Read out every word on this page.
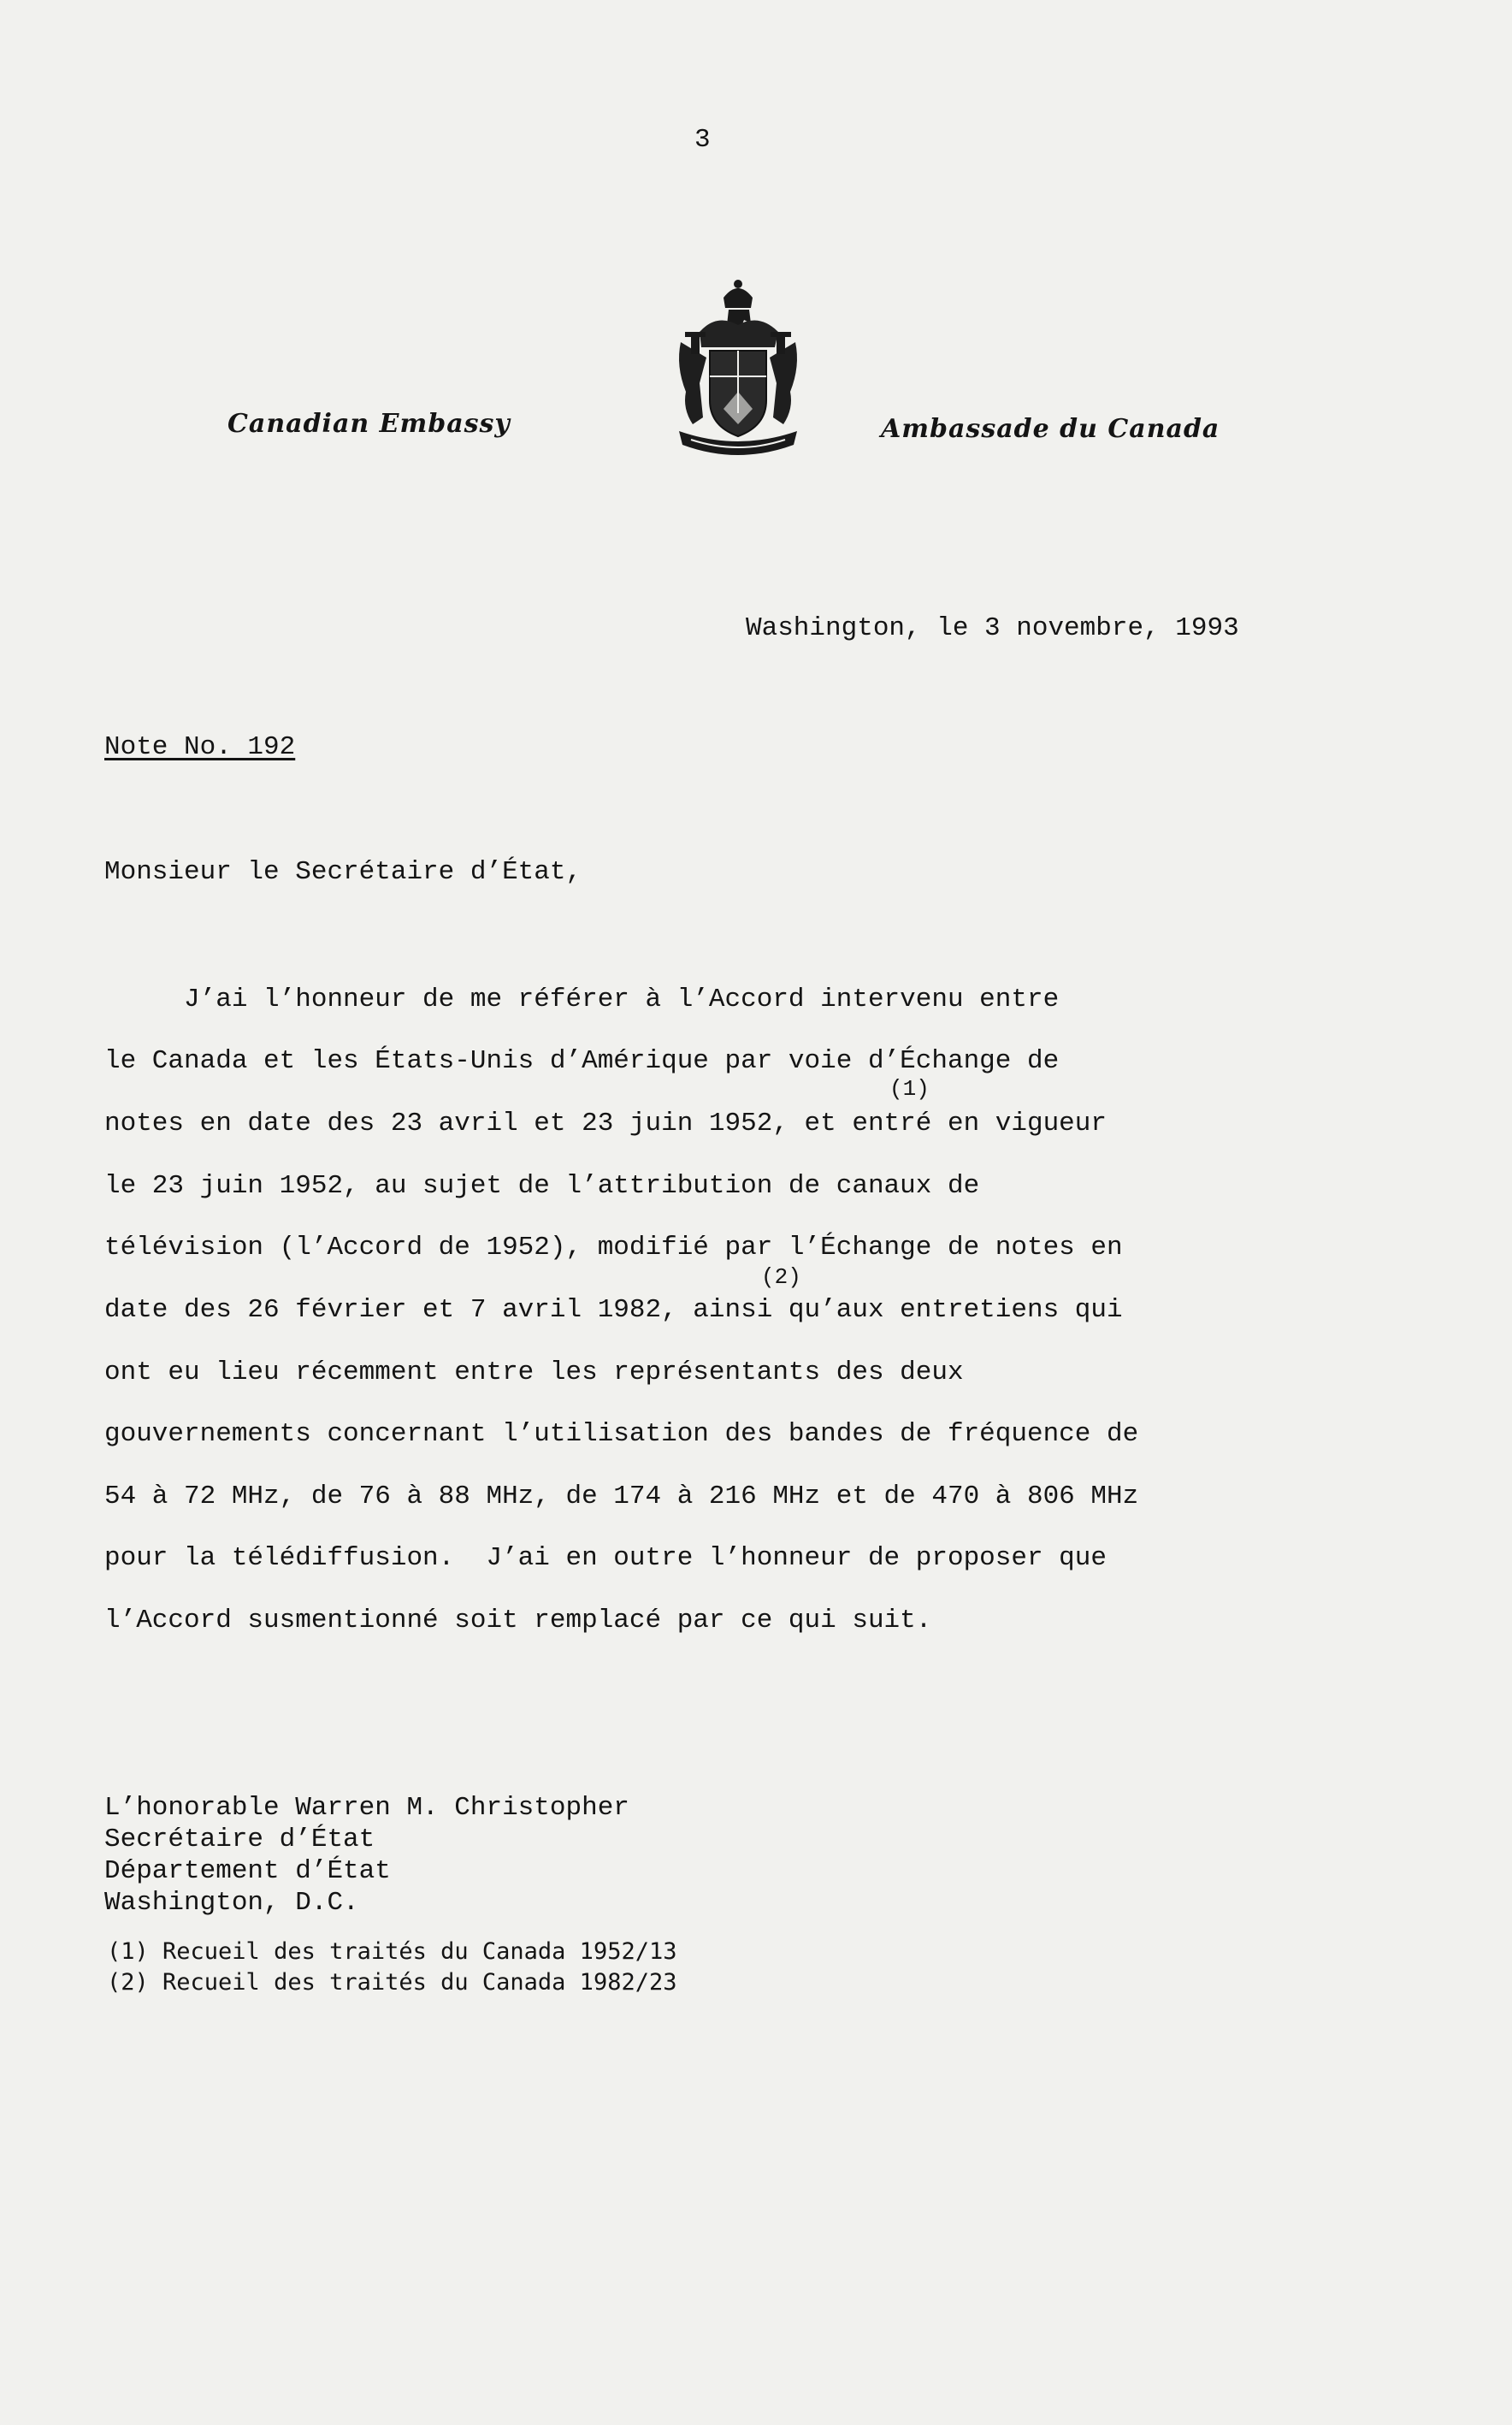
3
Canadian Embassy	Ambassade du Canada
Washington, le 3 novembre, 1993
Note No. 192
Monsieur le Secrétaire d’État,
J’ai l’honneur de me référer à l’Accord intervenu entre
le Canada et les États-Unis d’Amérique par voie d’Échange de
(1)
notes en date des 23 avril et 23 juin 1952, et entré en vigueur
le 23 juin 1952, au sujet de l’attribution de canaux de
télévision (l’Accord de 1952), modifié par l’Échange de notes en
(2)
date des 26 février et 7 avril 1982, ainsi qu’aux entretiens qui
ont eu lieu récemment entre les représentants des deux
gouvernements concernant l’utilisation des bandes de fréquence de
54 à 72 MHz, de 76 à 88 MHz, de 174 à 216 MHz et de 470 à 806 MHz
pour la télédiffusion.  J’ai en outre l’honneur de proposer que
l’Accord susmentionné soit remplacé par ce qui suit.
L’honorable Warren M. Christopher
Secrétaire d’État
Département d’État
Washington, D.C.
(1) Recueil des traités du Canada 1952/13
(2) Recueil des traités du Canada 1982/23
